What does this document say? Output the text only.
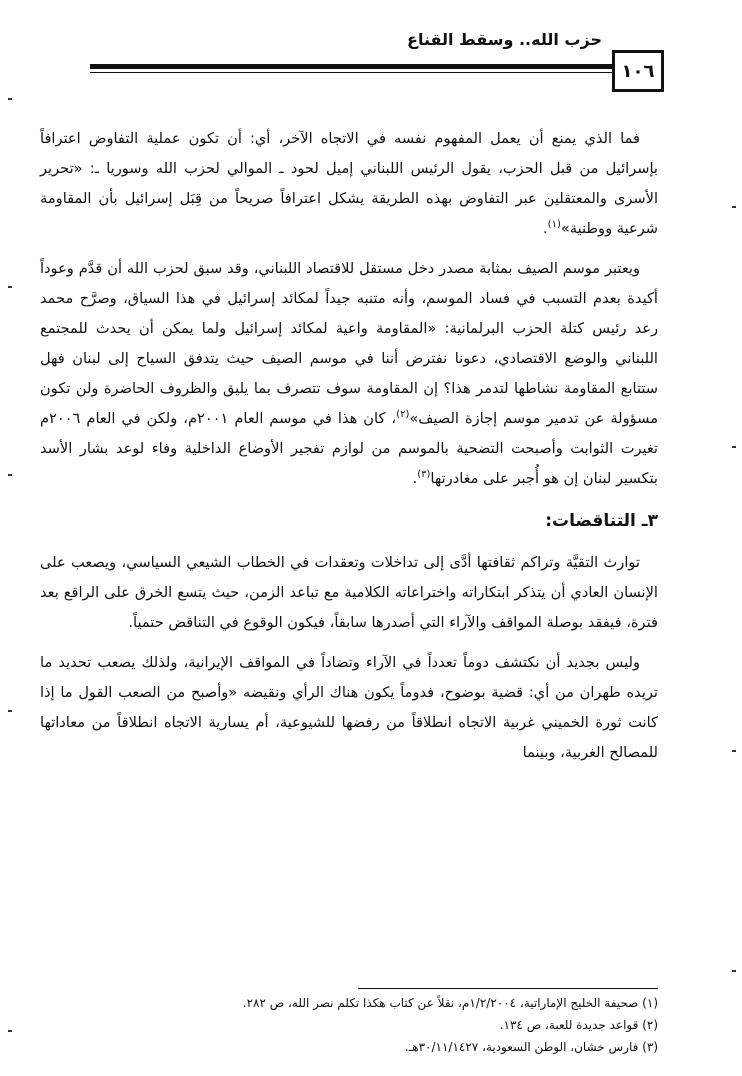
حزب الله.. وسقط القناع
١٠٦

فما الذي يمنع أن يعمل المفهوم نفسه في الاتجاه الآخر، أي: أن تكون عملية التفاوض اعترافاً بإسرائيل من قبل الحزب، يقول الرئيس اللبناني إميل لحود ـ الموالي لحزب الله وسوريا ـ: «تحرير الأسرى والمعتقلين عبر التفاوض بهذه الطريقة يشكل اعترافاً صريحاً من قِبَل إسرائيل بأن المقاومة شرعية ووطنية»$^{(١)}$.

ويعتبر موسم الصيف بمثابة مصدر دخل مستقل للاقتصاد اللبناني، وقد سبق لحزب الله أن قدَّم وعوداً أكيدة بعدم التسبب في فساد الموسم، وأنه متنبه جيداً لمكائد إسرائيل في هذا السياق، وصرَّح محمد رعد رئيس كتلة الحزب البرلمانية: «المقاومة واعية لمكائد إسرائيل ولما يمكن أن يحدث للمجتمع اللبناني والوضع الاقتصادي، دعونا نفترض أننا في موسم الصيف حيث يتدفق السياح إلى لبنان فهل ستتابع المقاومة نشاطها لتدمر هذا؟ إن المقاومة سوف تتصرف بما يليق والظروف الحاضرة ولن تكون مسؤولة عن تدمير موسم إجازة الصيف»$^{(٢)}$، كان هذا في موسم العام ٢٠٠١م، ولكن في العام ٢٠٠٦م تغيرت الثوابت وأصبحت التضحية بالموسم من لوازم تفجير الأوضاع الداخلية وفاء لوعد بشار الأسد بتكسير لبنان إن هو أُجبر على مغادرتها$^{(٣)}$.

٣ـ التناقضات:

توارث التقيَّة وتراكم ثقافتها أدَّى إلى تداخلات وتعقدات في الخطاب الشيعي السياسي، ويصعب على الإنسان العادي أن يتذكر ابتكاراته واختراعاته الكلامية مع تباعد الزمن، حيث يتسع الخرق على الراقع بعد فترة، فيفقد بوصلة المواقف والآراء التي أصدرها سابقاً، فيكون الوقوع في التناقض حتمياً.

وليس بجديد أن نكتشف دوماً تعدداً في الآراء وتضاداً في المواقف الإيرانية، ولذلك يصعب تحديد ما تريده طهران من أي: قضية بوضوح، فدوماً يكون هناك الرأي ونقيضه «وأصبح من الصعب القول ما إذا كانت ثورة الخميني غربية الاتجاه انطلاقاً من رفضها للشيوعية، أم يسارية الاتجاه انطلاقاً من معاداتها للمصالح الغربية، وبينما

(١) صحيفة الخليج الإماراتية، ١/٢/٢٠٠٤م، نقلاً عن كتاب هكذا تكلم نصر الله، ص ٢٨٢.

(٢) قواعد جديدة للعبة، ص ١٣٤.

(٣) فارس خشان، الوطن السعودية، ٣٠/١١/١٤٢٧هـ.
